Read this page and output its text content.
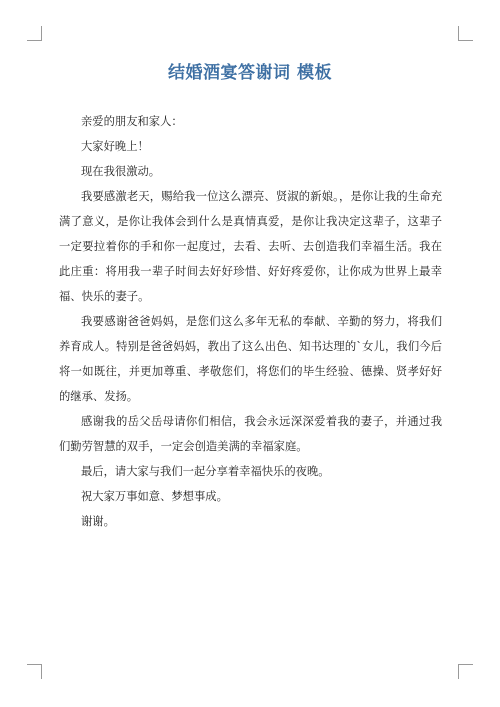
结婚酒宴答谢词 模板

亲爱的朋友和家人：

大家好晚上！

现在我很激动。

我要感激老天，赐给我一位这么漂亮、贤淑的新娘。，是你让我的生命充满了意义，是你让我体会到什么是真情真爱，是你让我决定这辈子，这辈子一定要拉着你的手和你一起度过，去看、去听、去创造我们幸福生活。我在此庄重：将用我一辈子时间去好好珍惜、好好疼爱你，让你成为世界上最幸福、快乐的妻子。

我要感谢爸爸妈妈，是您们这么多年无私的奉献、辛勤的努力，将我们养育成人。特别是爸爸妈妈，教出了这么出色、知书达理的`女儿，我们今后将一如既往，并更加尊重、孝敬您们，将您们的毕生经验、德操、贤孝好好的继承、发扬。

感谢我的岳父岳母请你们相信，我会永远深深爱着我的妻子，并通过我们勤劳智慧的双手，一定会创造美满的幸福家庭。

最后，请大家与我们一起分享着幸福快乐的夜晚。

祝大家万事如意、梦想事成。

谢谢。
